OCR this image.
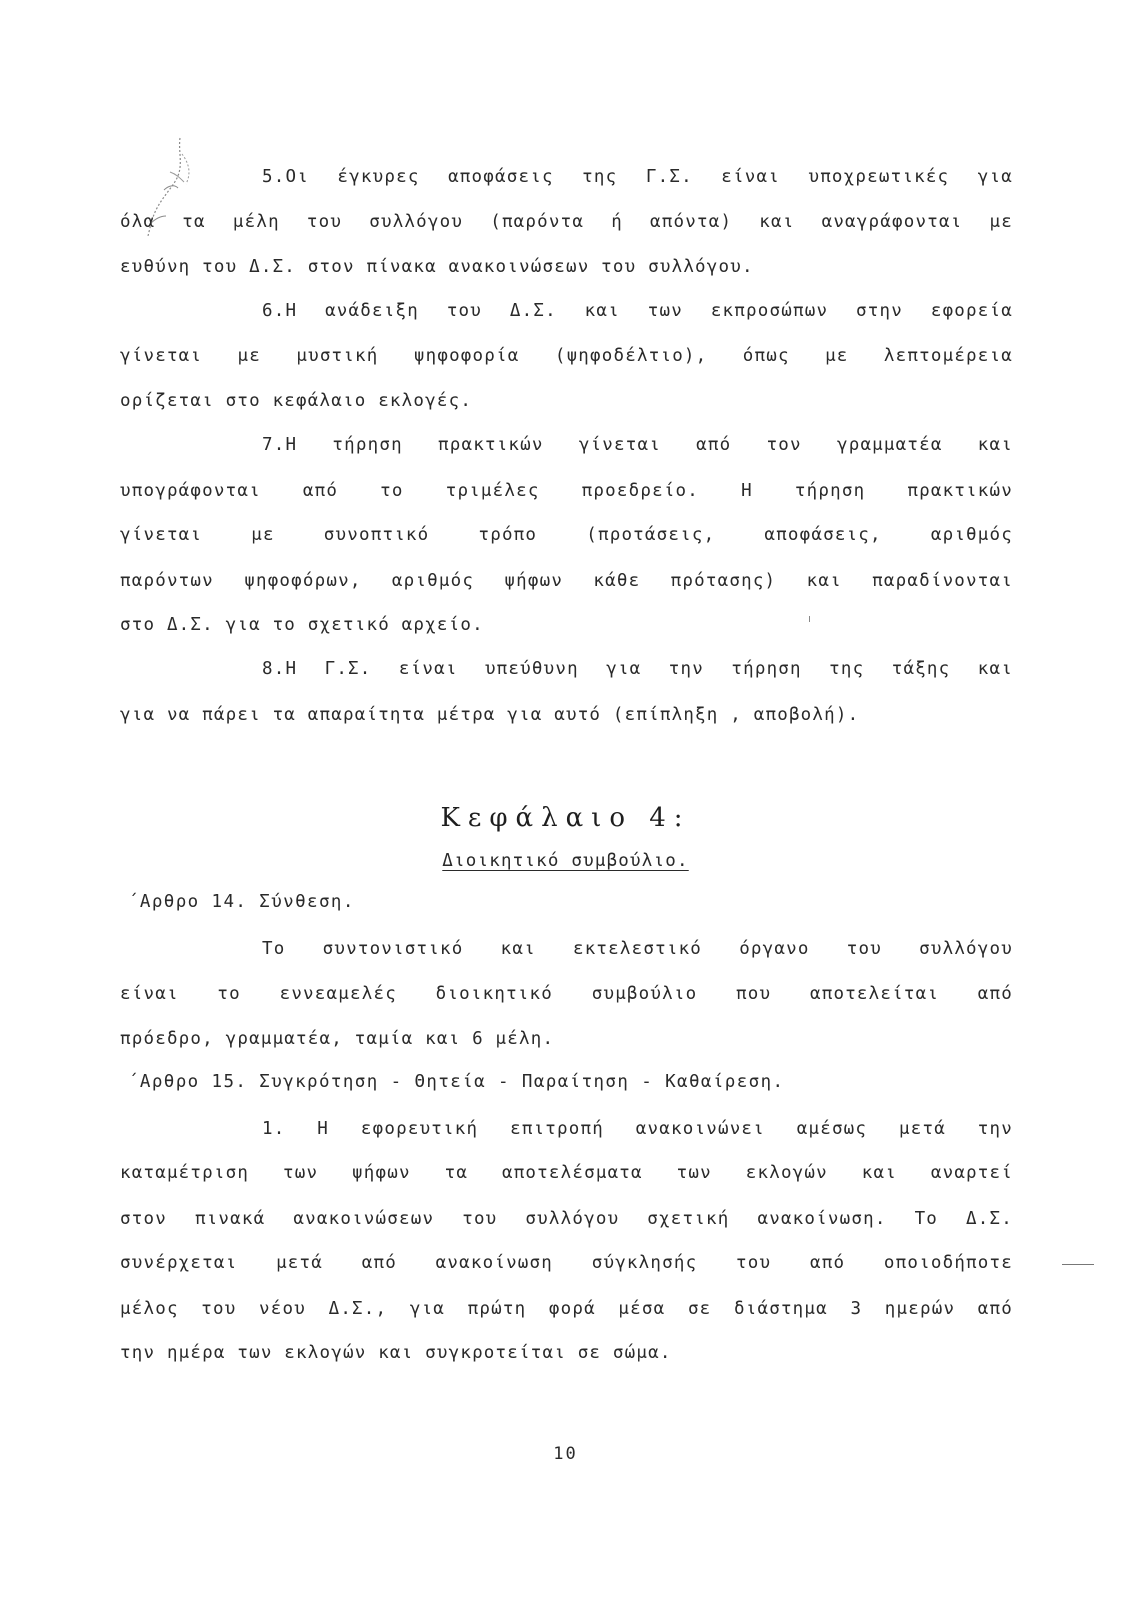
5.Οι έγκυρες αποφάσεις της Γ.Σ. είναι υποχρεωτικές για
όλα τα μέλη του συλλόγου (παρόντα ή απόντα) και αναγράφονται με
ευθύνη του Δ.Σ. στον πίνακα ανακοινώσεων του συλλόγου.
6.Η ανάδειξη του Δ.Σ. και των εκπροσώπων στην εφορεία
γίνεται με μυστική ψηφοφορία (ψηφοδέλτιο), όπως με λεπτομέρεια
ορίζεται στο κεφάλαιο εκλογές.
7.Η τήρηση πρακτικών γίνεται από τον γραμματέα και
υπογράφονται από το τριμέλες προεδρείο. Η τήρηση πρακτικών
γίνεται με συνοπτικό τρόπο (προτάσεις, αποφάσεις, αριθμός
παρόντων ψηφοφόρων, αριθμός ψήφων κάθε πρότασης) και παραδίνονται
στο Δ.Σ. για το σχετικό αρχείο.
8.Η Γ.Σ. είναι υπεύθυνη για την τήρηση της τάξης και
για να πάρει τα απαραίτητα μέτρα για αυτό (επίπληξη , αποβολή).
Κεφάλαιο 4:
Διοικητικό συμβούλιο.
΄Αρθρο 14. Σύνθεση.
Το συντονιστικό και εκτελεστικό όργανο του συλλόγου
είναι το εννεαμελές διοικητικό συμβούλιο που αποτελείται από
πρόεδρο, γραμματέα, ταμία και 6 μέλη.
΄Αρθρο 15. Συγκρότηση - Θητεία - Παραίτηση - Καθαίρεση.
1. Η εφορευτική επιτροπή ανακοινώνει αμέσως μετά την
καταμέτριση των ψήφων τα αποτελέσματα των εκλογών και αναρτεί
στον πινακά ανακοινώσεων του συλλόγου σχετική ανακοίνωση. Το Δ.Σ.
συνέρχεται μετά από ανακοίνωση σύγκλησής του από οποιοδήποτε
μέλος του νέου Δ.Σ., για πρώτη φορά μέσα σε διάστημα 3 ημερών από
την ημέρα των εκλογών και συγκροτείται σε σώμα.
10
